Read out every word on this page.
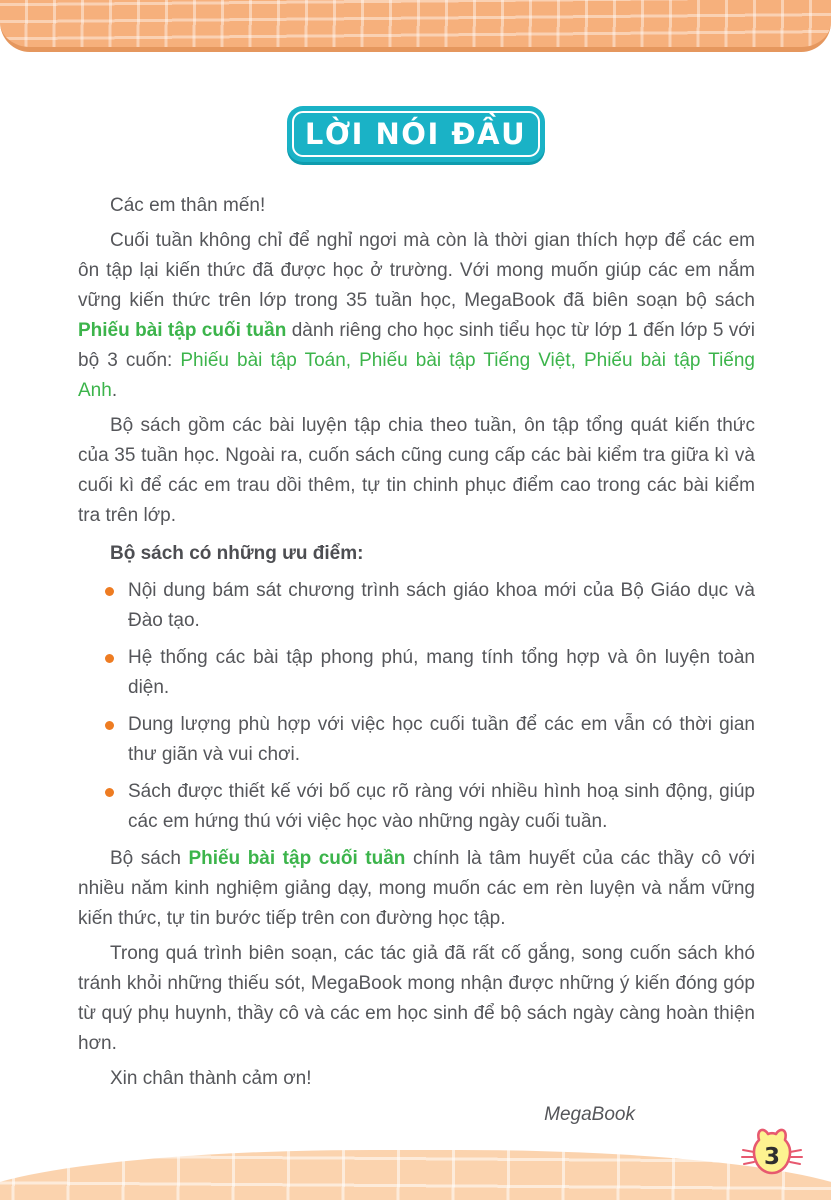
LỜI NÓI ĐẦU

Các em thân mến!

Cuối tuần không chỉ để nghỉ ngơi mà còn là thời gian thích hợp để các em ôn tập lại kiến thức đã được học ở trường. Với mong muốn giúp các em nắm vững kiến thức trên lớp trong 35 tuần học, MegaBook đã biên soạn bộ sách Phiếu bài tập cuối tuần dành riêng cho học sinh tiểu học từ lớp 1 đến lớp 5 với bộ 3 cuốn: Phiếu bài tập Toán, Phiếu bài tập Tiếng Việt, Phiếu bài tập Tiếng Anh.

Bộ sách gồm các bài luyện tập chia theo tuần, ôn tập tổng quát kiến thức của 35 tuần học. Ngoài ra, cuốn sách cũng cung cấp các bài kiểm tra giữa kì và cuối kì để các em trau dồi thêm, tự tin chinh phục điểm cao trong các bài kiểm tra trên lớp.

Bộ sách có những ưu điểm:

Nội dung bám sát chương trình sách giáo khoa mới của Bộ Giáo dục và Đào tạo.
Hệ thống các bài tập phong phú, mang tính tổng hợp và ôn luyện toàn diện.
Dung lượng phù hợp với việc học cuối tuần để các em vẫn có thời gian thư giãn và vui chơi.
Sách được thiết kế với bố cục rõ ràng với nhiều hình hoạ sinh động, giúp các em hứng thú với việc học vào những ngày cuối tuần.

Bộ sách Phiếu bài tập cuối tuần chính là tâm huyết của các thầy cô với nhiều năm kinh nghiệm giảng dạy, mong muốn các em rèn luyện và nắm vững kiến thức, tự tin bước tiếp trên con đường học tập.

Trong quá trình biên soạn, các tác giả đã rất cố gắng, song cuốn sách khó tránh khỏi những thiếu sót, MegaBook mong nhận được những ý kiến đóng góp từ quý phụ huynh, thầy cô và các em học sinh để bộ sách ngày càng hoàn thiện hơn.

Xin chân thành cảm ơn!

MegaBook

3
